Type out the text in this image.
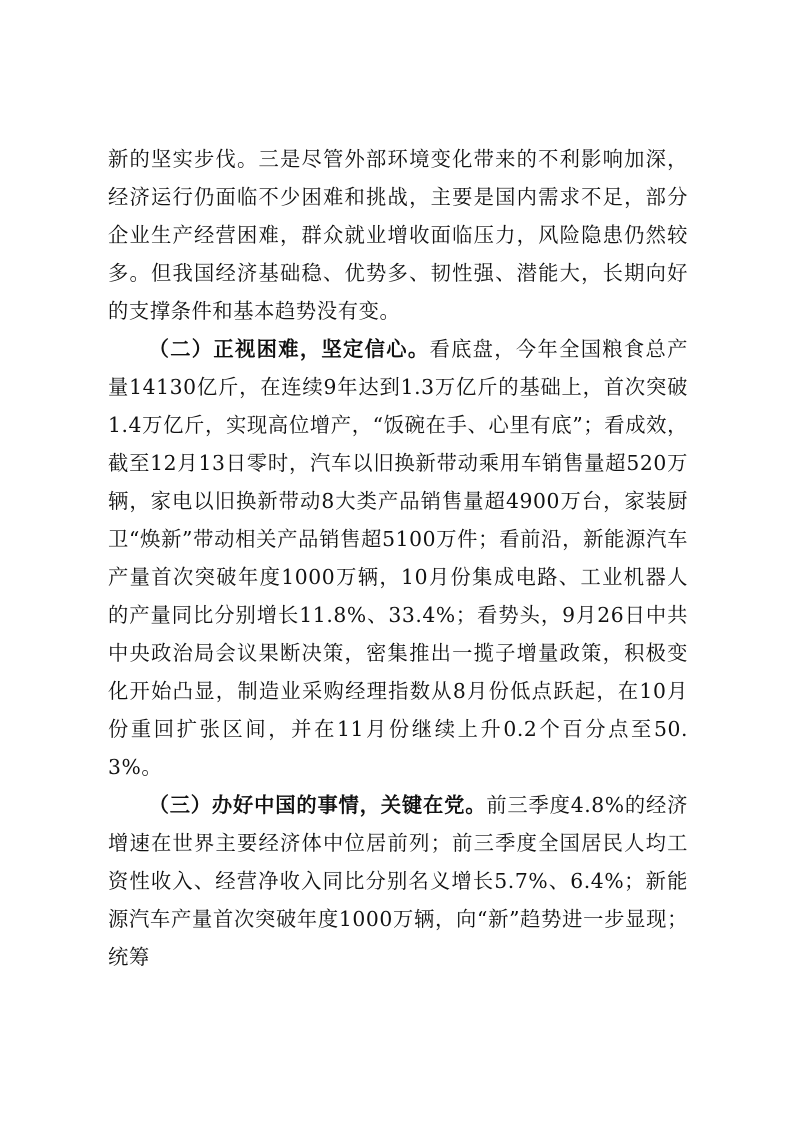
新的坚实步伐。三是尽管外部环境变化带来的不利影响加深，经济运行仍面临不少困难和挑战，主要是国内需求不足，部分企业生产经营困难，群众就业增收面临压力，风险隐患仍然较多。但我国经济基础稳、优势多、韧性强、潜能大，长期向好的支撑条件和基本趋势没有变。

（二）正视困难，坚定信心。看底盘，今年全国粮食总产量14130亿斤，在连续9年达到1.3万亿斤的基础上，首次突破1.4万亿斤，实现高位增产，“饭碗在手、心里有底”；看成效，截至12月13日零时，汽车以旧换新带动乘用车销售量超520万辆，家电以旧换新带动8大类产品销售量超4900万台，家装厨卫“焕新”带动相关产品销售超5100万件；看前沿，新能源汽车产量首次突破年度1000万辆，10月份集成电路、工业机器人的产量同比分别增长11.8%、33.4%；看势头，9月26日中共中央政治局会议果断决策，密集推出一揽子增量政策，积极变化开始凸显，制造业采购经理指数从8月份低点跃起，在10月份重回扩张区间，并在11月份继续上升0.2个百分点至50.3%。

（三）办好中国的事情，关键在党。前三季度4.8%的经济增速在世界主要经济体中位居前列；前三季度全国居民人均工资性收入、经营净收入同比分别名义增长5.7%、6.4%；新能源汽车产量首次突破年度1000万辆，向“新”趋势进一步显现；统筹
